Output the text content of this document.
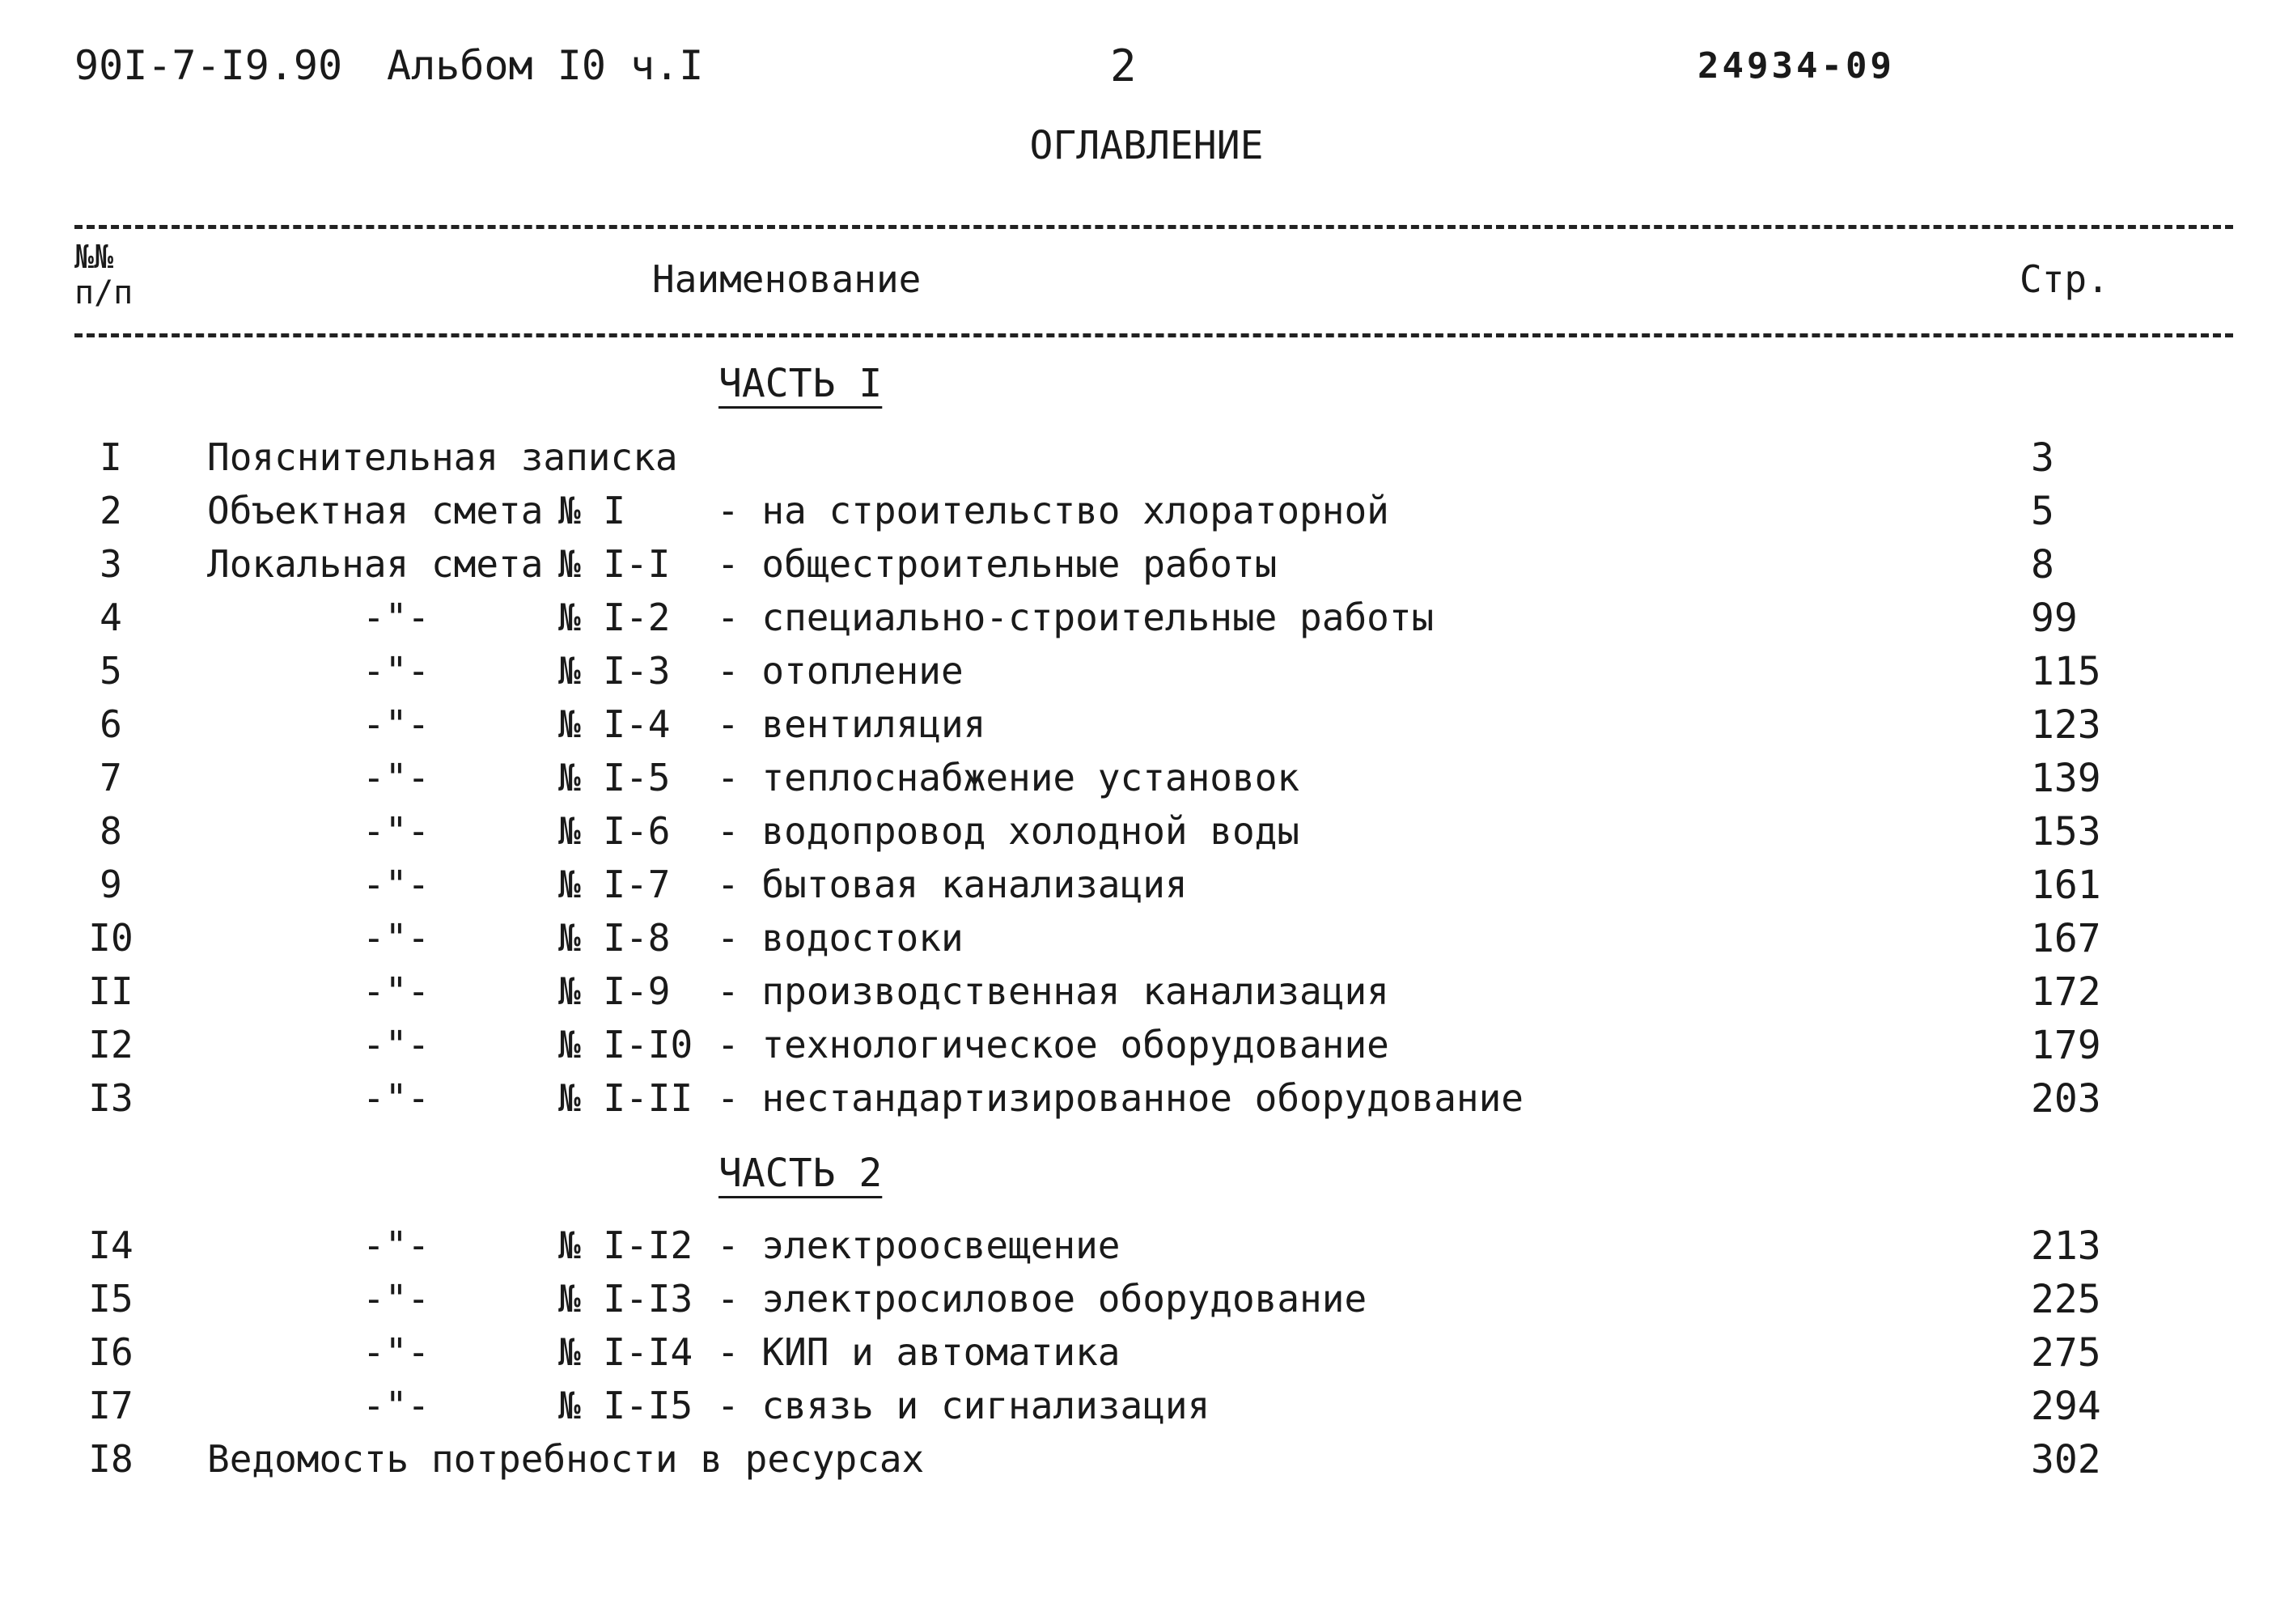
90I-7-I9.90 Альбом I0 ч.I	2	24934-09
ОГЛАВЛЕНИЕ
№№
п/п	Наименование	Стр.
ЧАСТЬ I
ЧАСТЬ 2
I	Пояснительная записка	3
2	Объектная смета № I - на строительство хлораторной	5
3	Локальная смета № I-I - общестроительные работы	8
4	-"-	№ I-2 - специально-строительные работы	99
5	-"-	№ I-3 - отопление	115
6	-"-	№ I-4 - вентиляция	123
7	-"-	№ I-5 - теплоснабжение установок	139
8	-"-	№ I-6 - водопровод холодной воды	153
9	-"-	№ I-7 - бытовая канализация	161
I0	-"-	№ I-8 - водостоки	167
II	-"-	№ I-9 - производственная канализация	172
I2	-"-	№ I-I0 - технологическое оборудование	179
I3	-"-	№ I-II - нестандартизированное оборудование	203
I4	-"-	№ I-I2 - электроосвещение	213
I5	-"-	№ I-I3 - электросиловое оборудование	225
I6	-"-	№ I-I4 - КИП и автоматика	275
I7	-"-	№ I-I5 - связь и сигнализация	294
I8	Ведомость потребности в ресурсах	302
